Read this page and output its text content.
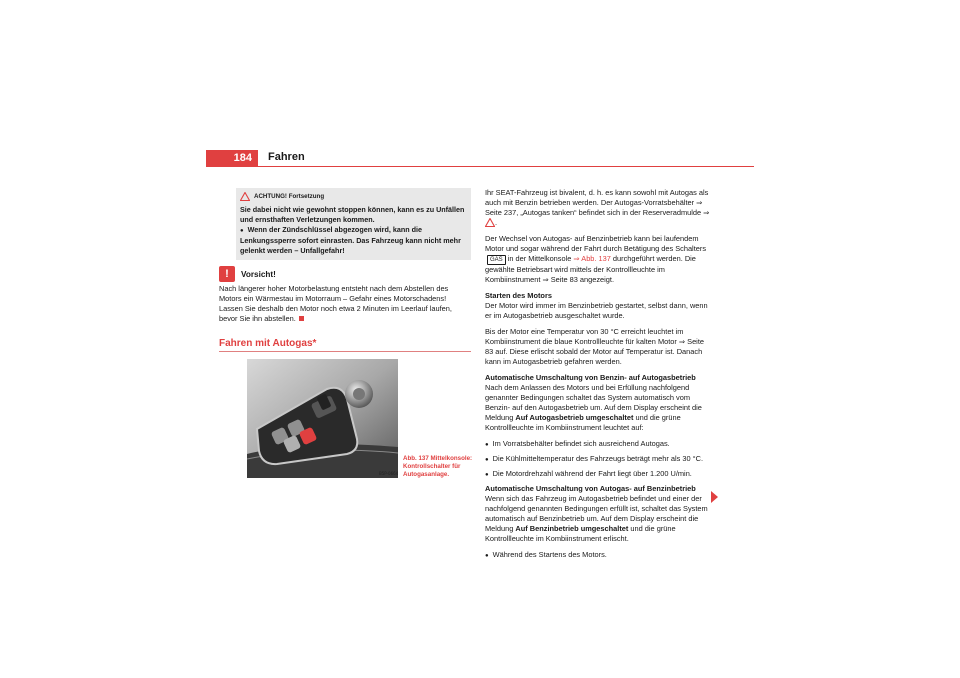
184	Fahren
ACHTUNG! Fortsetzung

Sie dabei nicht wie gewohnt stoppen können, kann es zu Unfällen und ernsthaften Verletzungen kommen.

● Wenn der Zündschlüssel abgezogen wird, kann die Lenkungssperre sofort einrasten. Das Fahrzeug kann nicht mehr gelenkt werden – Unfallgefahr!

!	Vorsicht!

Nach längerer hoher Motorbelastung entsteht nach dem Abstellen des Motors ein Wärmestau im Motorraum – Gefahr eines Motorschadens! Lassen Sie deshalb den Motor noch etwa 2 Minuten im Leerlauf laufen, bevor Sie ihn abstellen.

Fahren mit Autogas*
B5P-0664
Abb. 137 Mittelkonsole: Kontrollschalter für Autogasanlage.

Ihr SEAT-Fahrzeug ist bivalent, d. h. es kann sowohl mit Autogas als auch mit Benzin betrieben werden. Der Autogas-Vorratsbehälter ⇒ Seite 237, „Autogas tanken“ befindet sich in der Reserveradmulde ⇒ .

Der Wechsel von Autogas- auf Benzinbetrieb kann bei laufendem Motor und sogar während der Fahrt durch Betätigung des SchaltersGAS in der Mittelkonsole ⇒ Abb. 137 durchgeführt werden. Die gewählte Betriebsart wird mittels der Kontrollleuchte im Kombiinstrument ⇒ Seite 83 angezeigt.

Starten des Motors

Der Motor wird immer im Benzinbetrieb gestartet, selbst dann, wenn er im Autogasbetrieb ausgeschaltet wurde.

Bis der Motor eine Temperatur von 30 °C erreicht leuchtet im Kombiinstrument die blaue Kontrollleuchte für kalten Motor ⇒ Seite 83 auf. Diese erlischt sobald der Motor auf Temperatur ist. Danach kann im Autogasbetrieb gefahren werden.

Automatische Umschaltung von Benzin- auf Autogasbetrieb

Nach dem Anlassen des Motors und bei Erfüllung nachfolgend genannter Bedingungen schaltet das System automatisch vom Benzin- auf den Autogasbetrieb um. Auf dem Display erscheint die Meldung Auf Autogasbetrieb umgeschaltet und die grüne Kontrollleuchte im Kombiinstrument leuchtet auf:

● Im Vorratsbehälter befindet sich ausreichend Autogas.

● Die Kühlmitteltemperatur des Fahrzeugs beträgt mehr als 30 °C.

● Die Motordrehzahl während der Fahrt liegt über 1.200 U/min.

Automatische Umschaltung von Autogas- auf Benzinbetrieb

Wenn sich das Fahrzeug im Autogasbetrieb befindet und einer der nachfolgend genannten Bedingungen erfüllt ist, schaltet das System automatisch auf Benzinbetrieb um. Auf dem Display erscheint die Meldung Auf Benzinbetrieb umgeschaltet und die grüne Kontrollleuchte im Kombiinstrument erlischt.

● Während des Startens des Motors.
